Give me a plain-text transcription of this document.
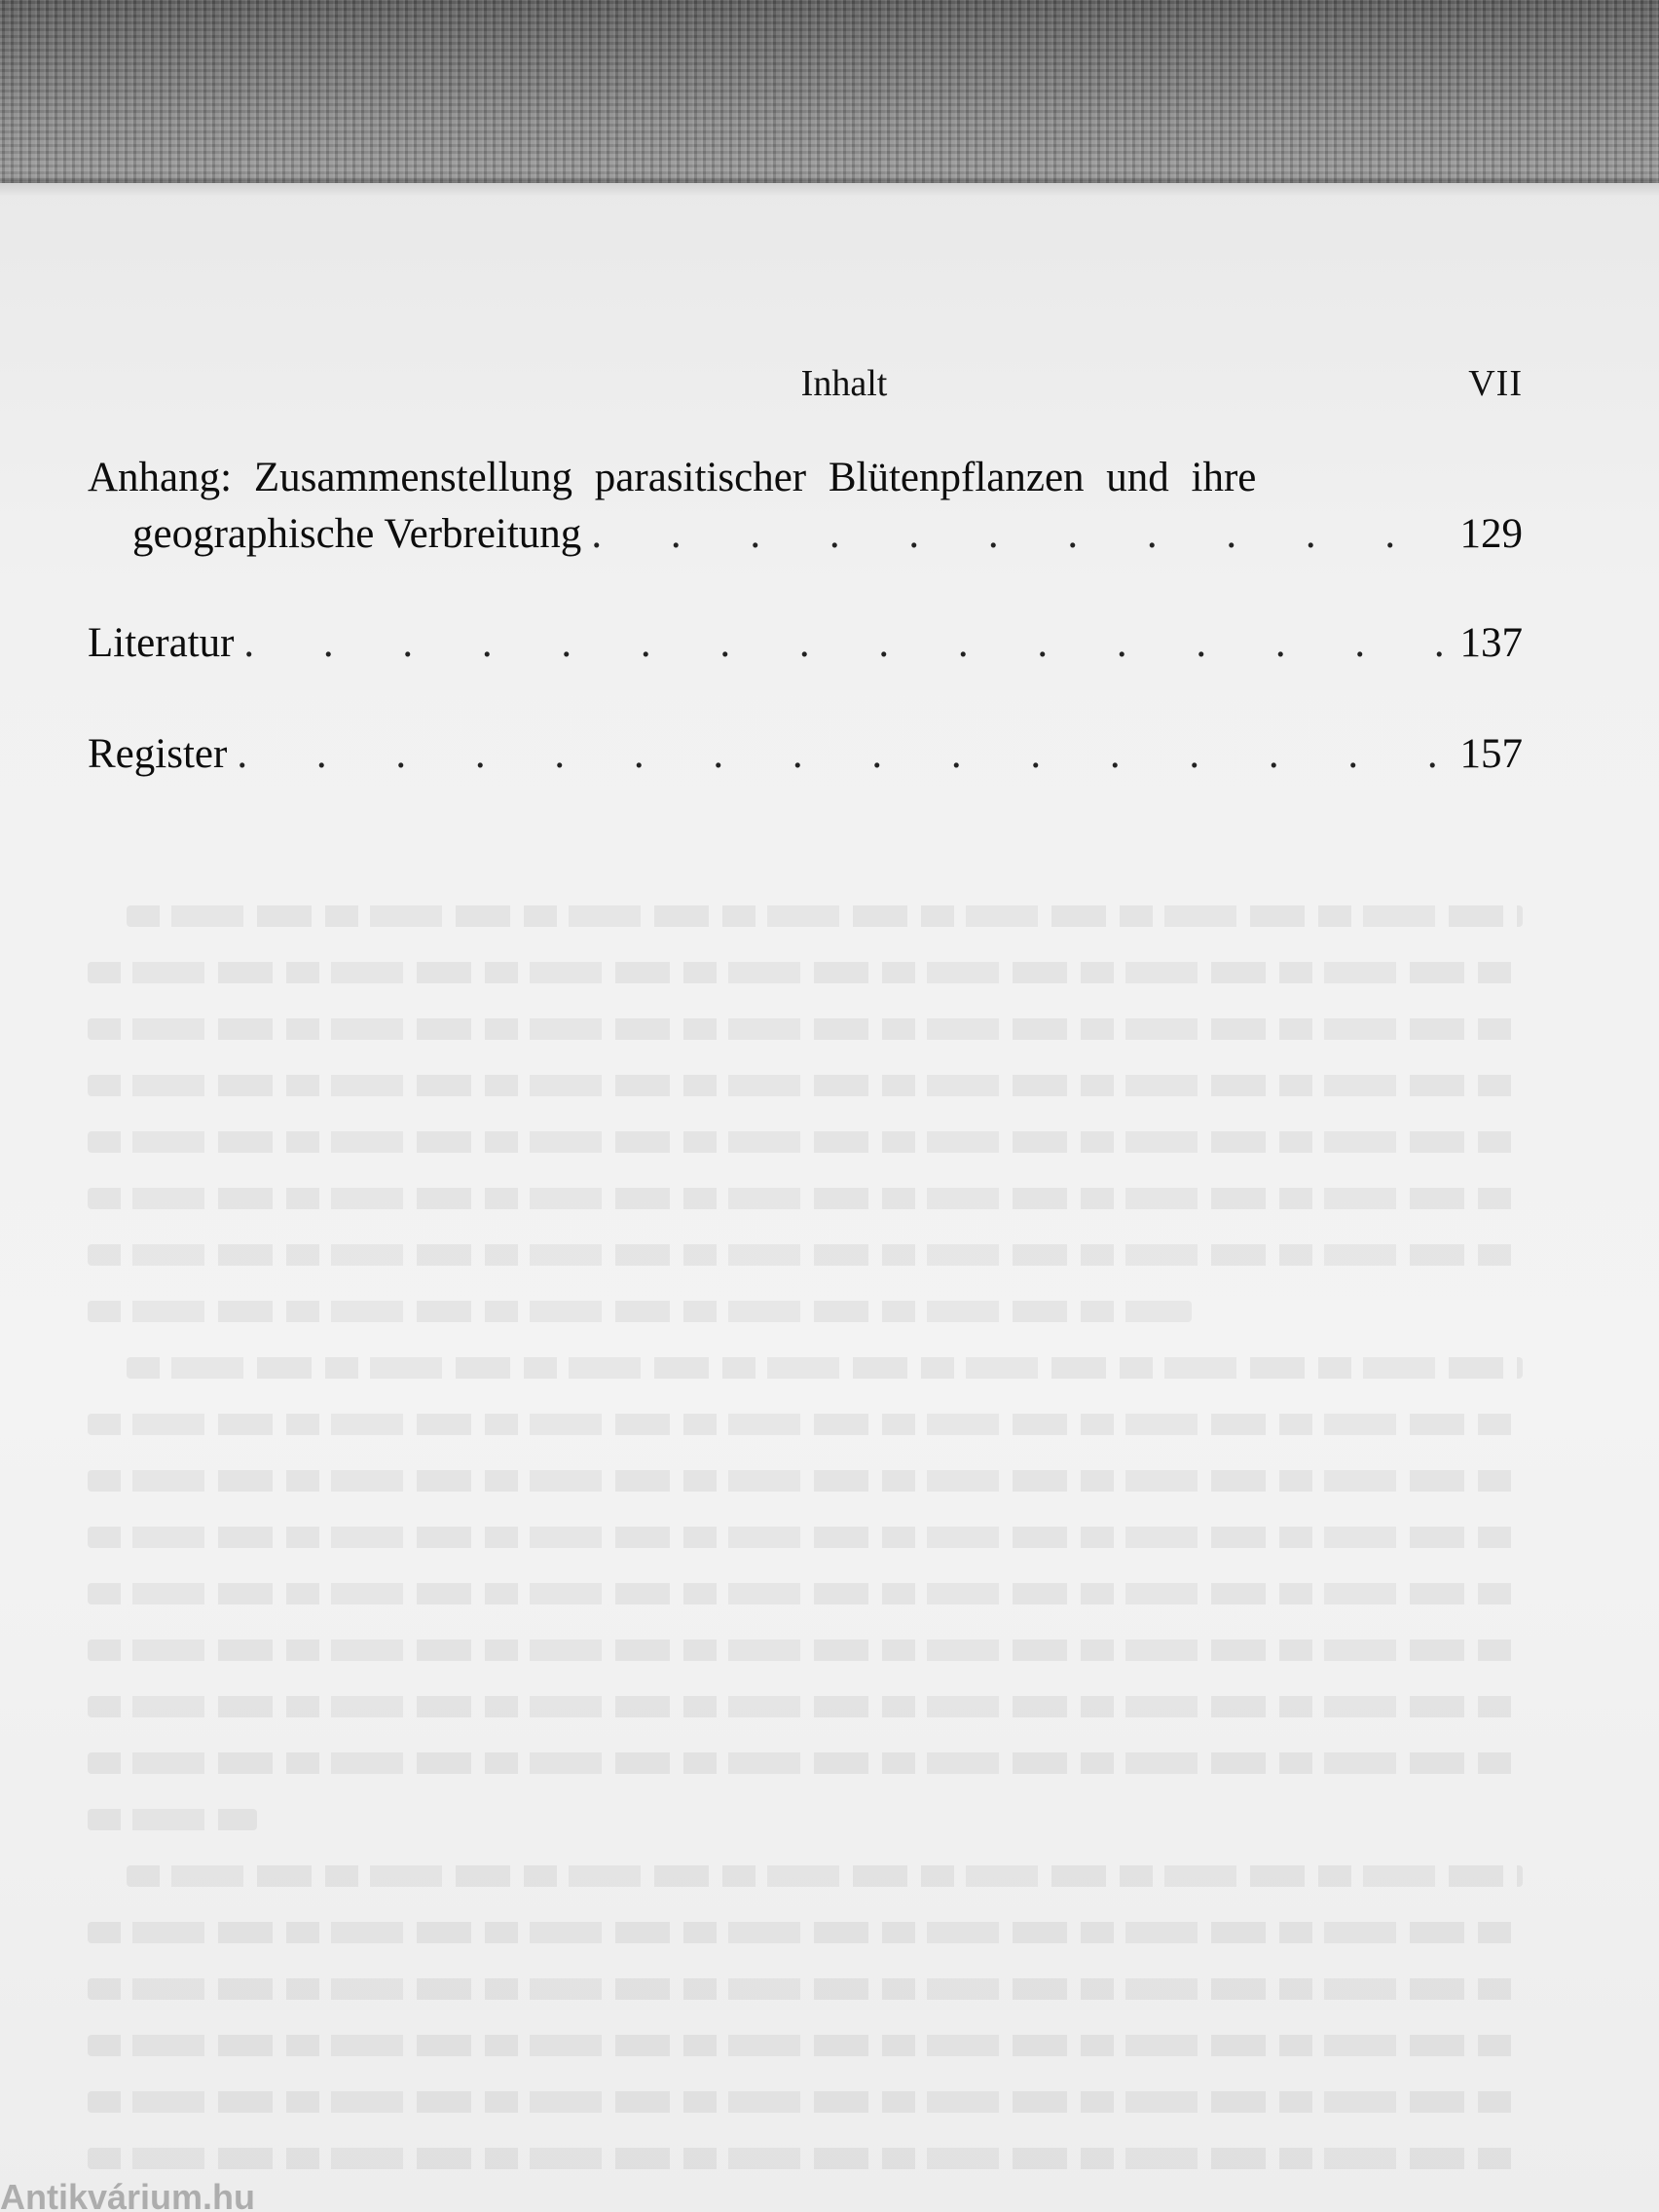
Inhalt	VII
Anhang: Zusammenstellung parasitischer Blütenpflanzen und ihre
geographische Verbreitung . . .	129
Literatur . . .	137
Register . . .	157
Antikvárium.hu
